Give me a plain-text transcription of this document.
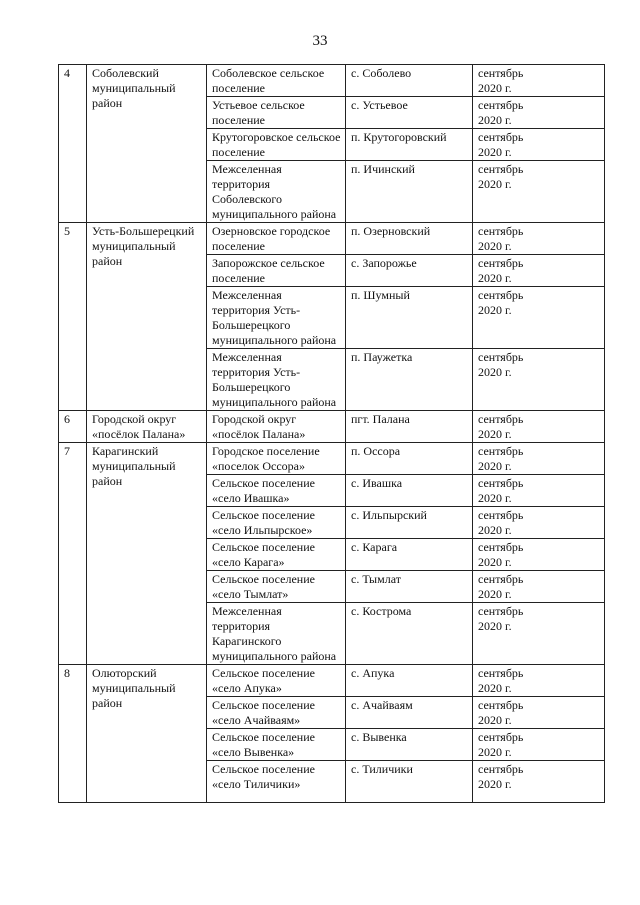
33
4	Соболевский муниципальный район	Соболевское сельское поселение	с. Соболево	сентябрь
2020 г.
		Устьевое сельское поселение	с. Устьевое	сентябрь
2020 г.
		Крутогоровское сельское поселение	п. Крутогоровский	сентябрь
2020 г.
		Межселенная территория Соболевского муниципального района	п. Ичинский	сентябрь
2020 г.
5	Усть-Большерецкий муниципальный район	Озерновское городское поселение	п. Озерновский	сентябрь
2020 г.
		Запорожское сельское поселение	с. Запорожье	сентябрь
2020 г.
		Межселенная территория Усть-Большерецкого муниципального района	п. Шумный	сентябрь
2020 г.
		Межселенная территория Усть-Большерецкого муниципального района	п. Паужетка	сентябрь
2020 г.
6	Городской округ «посёлок Палана»	Городской округ «посёлок Палана»	пгт. Палана	сентябрь
2020 г.
7	Карагинский муниципальный район	Городское поселение «поселок Оссора»	п. Оссора	сентябрь
2020 г.
		Сельское поселение «село Ивашка»	с. Ивашка	сентябрь
2020 г.
		Сельское поселение «село Ильпырское»	с. Ильпырский	сентябрь
2020 г.
		Сельское поселение «село Карага»	с. Карага	сентябрь
2020 г.
		Сельское поселение «село Тымлат»	с. Тымлат	сентябрь
2020 г.
		Межселенная территория Карагинского муниципального района	с. Кострома	сентябрь
2020 г.
8	Олюторский муниципальный район	Сельское поселение «село Апука»	с. Апука	сентябрь
2020 г.
		Сельское поселение «село Ачайваям»	с. Ачайваям	сентябрь
2020 г.
		Сельское поселение «село Вывенка»	с. Вывенка	сентябрь
2020 г.
		Сельское поселение «село Тиличики»	с. Тиличики	сентябрь
2020 г.
